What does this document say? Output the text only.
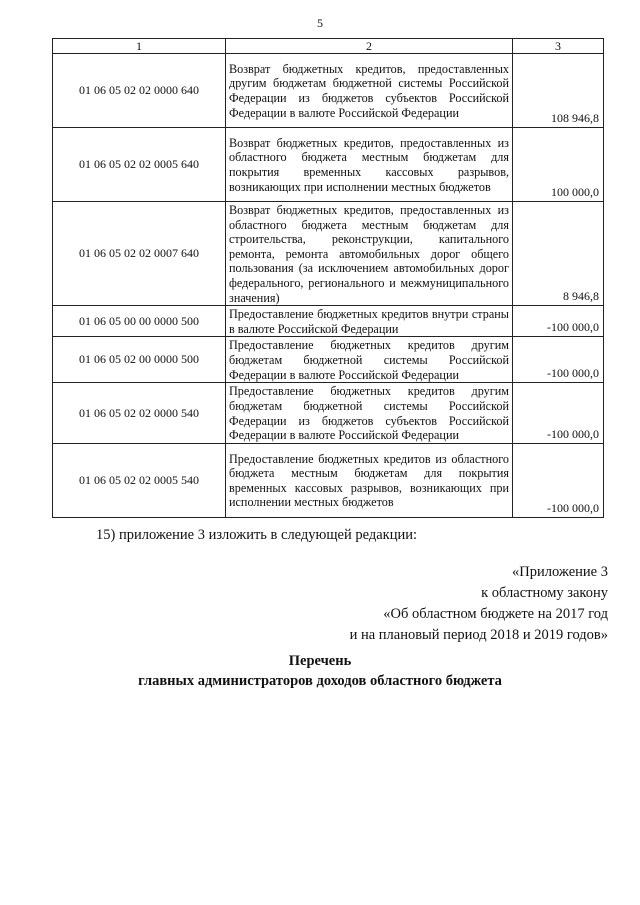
5
1	2	3
01 06 05 02 02 0000 640	Возврат бюджетных кредитов, предоставленных другим бюджетам бюджетной системы Российской Федерации из бюджетов субъектов Российской Федерации в валюте Российской Федерации	108 946,8
01 06 05 02 02 0005 640	Возврат бюджетных кредитов, предоставленных из областного бюджета местным бюджетам для покрытия временных кассовых разрывов, возникающих при исполнении местных бюджетов	100 000,0
01 06 05 02 02 0007 640	Возврат бюджетных кредитов, предоставленных из областного бюджета местным бюджетам для строительства, реконструкции, капитального ремонта, ремонта автомобильных дорог общего пользования (за исключением автомобильных дорог федерального, регионального и межмуниципального значения)	8 946,8
01 06 05 00 00 0000 500	Предоставление бюджетных кредитов внутри страны в валюте Российской Федерации	-100 000,0
01 06 05 02 00 0000 500	Предоставление бюджетных кредитов другим бюджетам бюджетной системы Российской Федерации в валюте Российской Федерации	-100 000,0
01 06 05 02 02 0000 540	Предоставление бюджетных кредитов другим бюджетам бюджетной системы Российской Федерации из бюджетов субъектов Российской Федерации в валюте Российской Федерации	-100 000,0
01 06 05 02 02 0005 540	Предоставление бюджетных кредитов из областного бюджета местным бюджетам для покрытия временных кассовых разрывов, возникающих при исполнении местных бюджетов	-100 000,0
15) приложение 3 изложить в следующей редакции:
«Приложение 3
к областному закону
«Об областном бюджете на 2017 год
и на плановый период 2018 и 2019 годов»
Перечень
главных администраторов доходов областного бюджета
